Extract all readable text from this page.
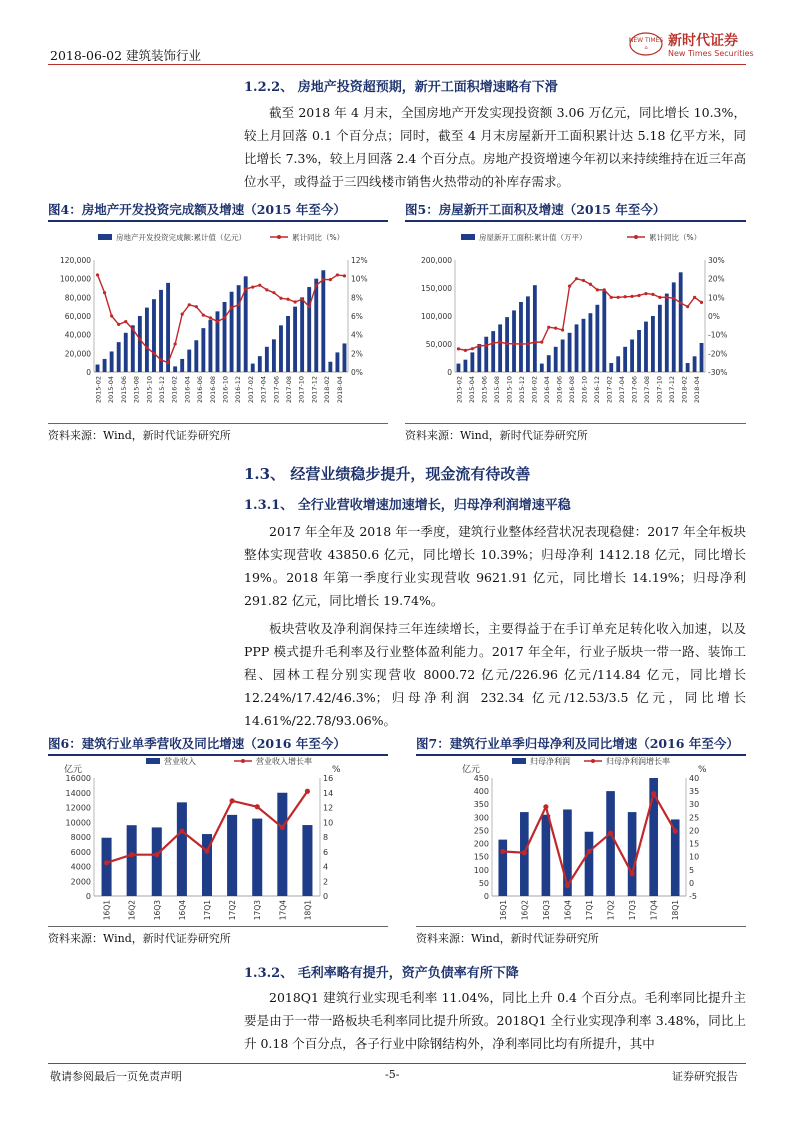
2018-06-02 建筑装饰行业
NEW TIMES
⌂ 新时代证券
New Times Securities
1.2.2、 房地产投资超预期，新开工面积增速略有下滑

截至 2018 年 4 月末，全国房地产开发实现投资额 3.06 万亿元，同比增长 10.3%，较上月回落 0.1 个百分点；同时，截至 4 月末房屋新开工面积累计达 5.18 亿平方米，同比增长 7.3%，较上月回落 2.4 个百分点。房地产投资增速今年初以来持续维持在近三年高位水平，或得益于三四线楼市销售火热带动的补库存需求。

图4：房地产开发投资完成额及增速（2015 年至今）
房地产开发投资完成额:累计值（亿元）	累计同比（%）
0
20,000
40,000
60,000
80,000
100,000
120,000
0%
2%
4%
6%
8%
10%
12%
2015-02 2015-04 2015-06 2015-08 2015-10 2015-12 2016-02 2016-04 2016-06 2016-08 2016-10 2016-12 2017-02 2017-04 2017-06 2017-08 2017-10 2017-12 2018-02 2018-04
资料来源：Wind，新时代证券研究所
图5：房屋新开工面积及增速（2015 年至今）
房屋新开工面积:累计值（万平）	累计同比（%）
0
50,000
100,000
150,000
200,000
-30%
-20%
-10%
0%
10%
20%
30%
2015-02 2015-04 2015-06 2015-08 2015-10 2015-12 2016-02 2016-04 2016-06 2016-08 2016-10 2016-12 2017-02 2017-04 2017-06 2017-08 2017-10 2017-12 2018-02 2018-04
资料来源：Wind，新时代证券研究所
1.3、 经营业绩稳步提升，现金流有待改善
1.3.1、 全行业营收增速加速增长，归母净利润增速平稳

2017 年全年及 2018 年一季度，建筑行业整体经营状况表现稳健：2017 年全年板块整体实现营收 43850.6 亿元，同比增长 10.39%；归母净利 1412.18 亿元，同比增长 19%。2018 年第一季度行业实现营收 9621.91 亿元，同比增长 14.19%；归母净利 291.82 亿元，同比增长 19.74%。

板块营收及净利润保持三年连续增长，主要得益于在手订单充足转化收入加速，以及 PPP 模式提升毛利率及行业整体盈利能力。2017 年全年，行业子版块一带一路、装饰工程、园林工程分别实现营收 8000.72 亿元/226.96 亿元/114.84 亿元，同比增长 12.24%/17.42/46.3%；归母净利润 232.34 亿元/12.53/3.5 亿元，同比增长 14.61%/22.78/93.06%。

图6：建筑行业单季营收及同比增速（2016 年至今）
营业收入	营业收入增长率
亿元	%
0
2000
4000
6000
8000
10000
12000
14000
16000
0
2
4
6
8
10
12
14
16
16Q1 16Q2 16Q3 16Q4 17Q1 17Q2 17Q3 17Q4 18Q1
资料来源：Wind，新时代证券研究所
图7：建筑行业单季归母净利及同比增速（2016 年至今）
归母净利润	归母净利润增长率
亿元	%
0
50
100
150
200
250
300
350
400
450
-5
0
5
10
15
20
25
30
35
40
16Q1 16Q2 16Q3 16Q4 17Q1 17Q2 17Q3 17Q4 18Q1
资料来源：Wind，新时代证券研究所
1.3.2、 毛利率略有提升，资产负债率有所下降

2018Q1 建筑行业实现毛利率 11.04%，同比上升 0.4 个百分点。毛利率同比提升主要是由于一带一路板块毛利率同比提升所致。2018Q1 全行业实现净利率 3.48%，同比上升 0.18 个百分点，各子行业中除钢结构外，净利率同比均有所提升，其中

敬请参阅最后一页免责声明	-5-	证券研究报告
